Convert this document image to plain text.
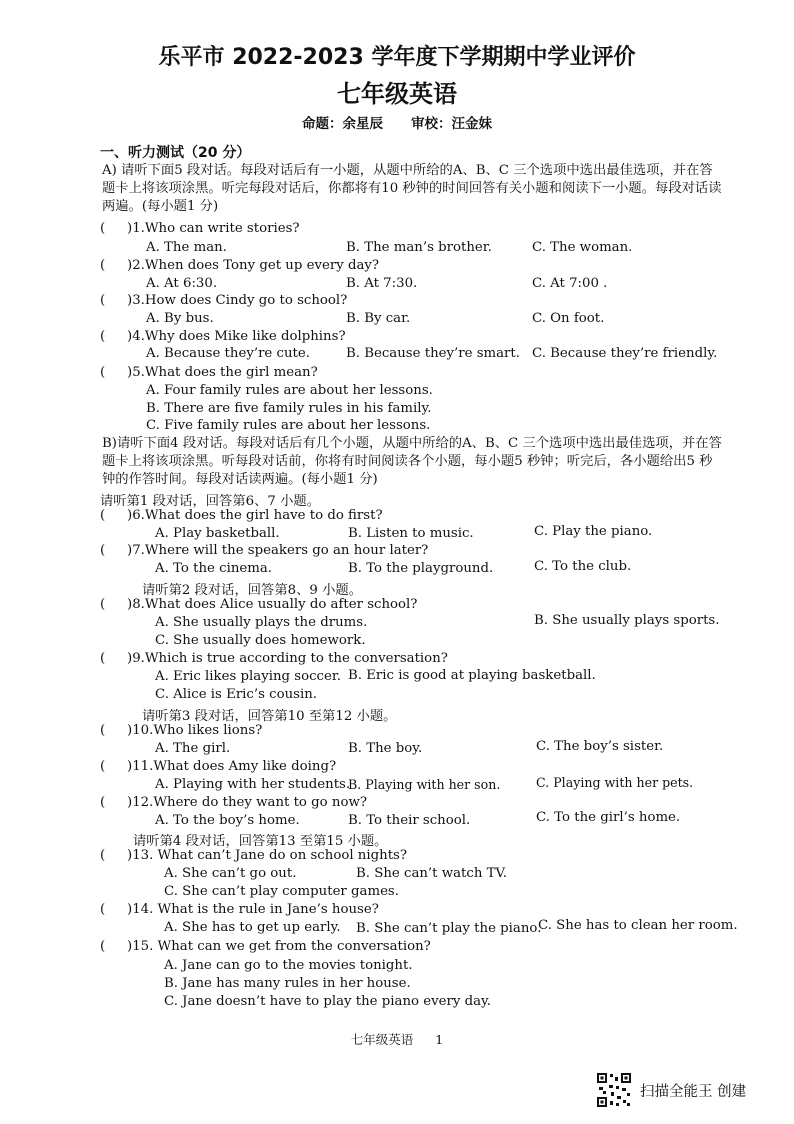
乐平市 2022-2023 学年度下学期期中学业评价
七年级英语
命题：余星辰 审校：汪金妹
一、听力测试（20 分）
A) 请听下面5 段对话。每段对话后有一小题，从题中所给的A、B、C 三个选项中选出最佳选项，并在答题卡上将该项涂黑。听完每段对话后，你都将有10 秒钟的时间回答有关小题和阅读下一小题。每段对话读两遍。(每小题1 分)
( )1.Who can write stories?
A. The man.	B. The man’s brother.	C. The woman.
( )2.When does Tony get up every day?
A. At 6:30.	B. At 7:30.	C. At 7:00 .
( )3.How does Cindy go to school?
A. By bus.	B. By car.	C. On foot.
( )4.Why does Mike like dolphins?
A. Because they’re cute.	B. Because they’re smart. C. Because they’re friendly.
( )5.What does the girl mean?
A. Four family rules are about her lessons.
B. There are five family rules in his family.
C. Five family rules are about her lessons.
B)请听下面4 段对话。每段对话后有几个小题，从题中所给的A、B、C 三个选项中选出最佳选项，并在答题卡上将该项涂黑。听每段对话前，你将有时间阅读各个小题，每小题5 秒钟；听完后，各小题给出5 秒钟的作答时间。每段对话读两遍。(每小题1 分)
请听第1 段对话，回答第6、7 小题。
( )6.What does the girl have to do first?
A. Play basketball.	B. Listen to music.	C. Play the piano.
( )7.Where will the speakers go an hour later?
A. To the cinema.	B. To the playground.	C. To the club.
请听第2 段对话，回答第8、9 小题。
( )8.What does Alice usually do after school?
A. She usually plays the drums.	B. She usually plays sports.
C. She usually does homework.
( )9.Which is true according to the conversation?
A. Eric likes playing soccer. B. Eric is good at playing basketball.
C. Alice is Eric’s cousin.
请听第3 段对话，回答第10 至第12 小题。
( )10.Who likes lions?
A. The girl.	B. The boy.	C. The boy’s sister.
( )11.What does Amy like doing?
A. Playing with her students.
B. Playing with her son.	C. Playing with her pets.
( )12.Where do they want to go now?
A. To the boy’s home.	B. To their school.	C. To the girl’s home.
请听第4 段对话，回答第13 至第15 小题。
( )13. What can’t Jane do on school nights?
A. She can’t go out.	B. She can’t watch TV.
C. She can’t play computer games.
( )14. What is the rule in Jane’s house?
A. She has to get up early. B. She can’t play the piano.
C. She has to clean her room.
( )15. What can we get from the conversation?
A. Jane can go to the movies tonight.
B. Jane has many rules in her house.
C. Jane doesn’t have to play the piano every day.
七年级英语 1
扫描全能王 创建
